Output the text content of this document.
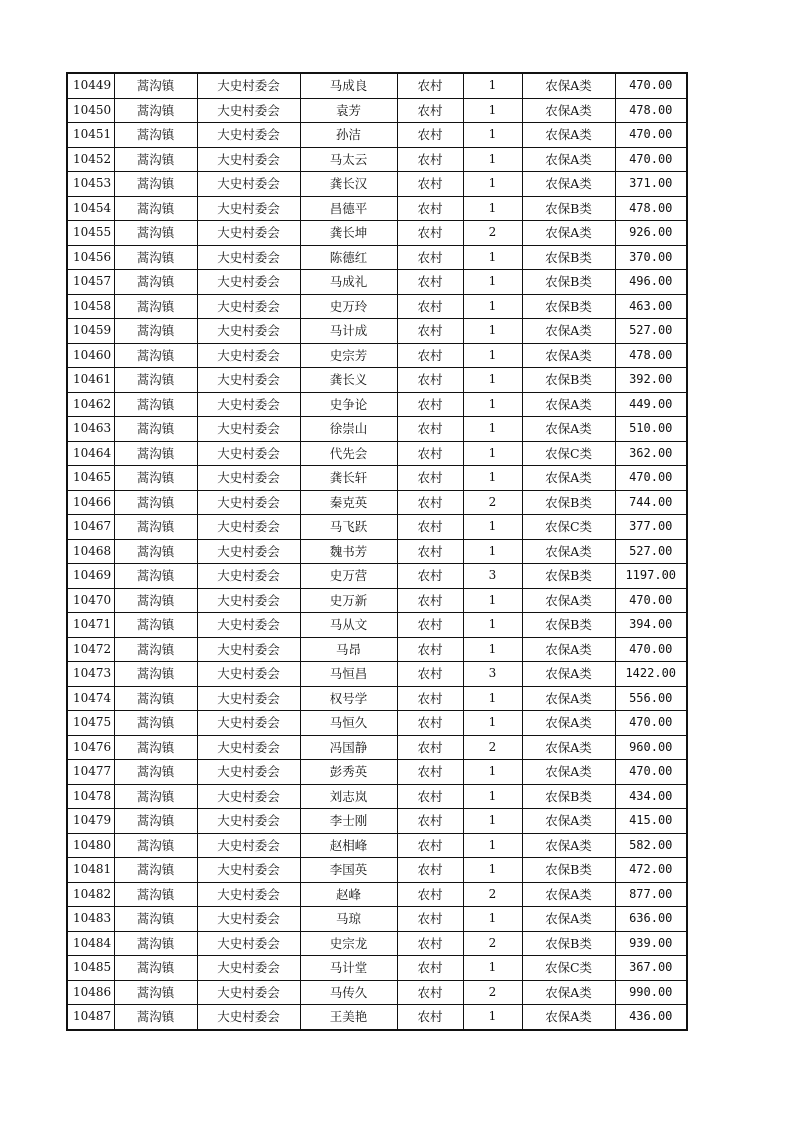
10449	蒿沟镇	大史村委会	马成良	农村	1	农保A类	470.00
10450	蒿沟镇	大史村委会	袁芳	农村	1	农保A类	478.00
10451	蒿沟镇	大史村委会	孙洁	农村	1	农保A类	470.00
10452	蒿沟镇	大史村委会	马太云	农村	1	农保A类	470.00
10453	蒿沟镇	大史村委会	龚长汉	农村	1	农保A类	371.00
10454	蒿沟镇	大史村委会	昌德平	农村	1	农保B类	478.00
10455	蒿沟镇	大史村委会	龚长坤	农村	2	农保A类	926.00
10456	蒿沟镇	大史村委会	陈德红	农村	1	农保B类	370.00
10457	蒿沟镇	大史村委会	马成礼	农村	1	农保B类	496.00
10458	蒿沟镇	大史村委会	史万玲	农村	1	农保B类	463.00
10459	蒿沟镇	大史村委会	马计成	农村	1	农保A类	527.00
10460	蒿沟镇	大史村委会	史宗芳	农村	1	农保A类	478.00
10461	蒿沟镇	大史村委会	龚长义	农村	1	农保B类	392.00
10462	蒿沟镇	大史村委会	史争论	农村	1	农保A类	449.00
10463	蒿沟镇	大史村委会	徐崇山	农村	1	农保A类	510.00
10464	蒿沟镇	大史村委会	代先会	农村	1	农保C类	362.00
10465	蒿沟镇	大史村委会	龚长轩	农村	1	农保A类	470.00
10466	蒿沟镇	大史村委会	秦克英	农村	2	农保B类	744.00
10467	蒿沟镇	大史村委会	马飞跃	农村	1	农保C类	377.00
10468	蒿沟镇	大史村委会	魏书芳	农村	1	农保A类	527.00
10469	蒿沟镇	大史村委会	史万营	农村	3	农保B类	1197.00
10470	蒿沟镇	大史村委会	史万新	农村	1	农保A类	470.00
10471	蒿沟镇	大史村委会	马从文	农村	1	农保B类	394.00
10472	蒿沟镇	大史村委会	马昂	农村	1	农保A类	470.00
10473	蒿沟镇	大史村委会	马恒昌	农村	3	农保A类	1422.00
10474	蒿沟镇	大史村委会	权号学	农村	1	农保A类	556.00
10475	蒿沟镇	大史村委会	马恒久	农村	1	农保A类	470.00
10476	蒿沟镇	大史村委会	冯国静	农村	2	农保A类	960.00
10477	蒿沟镇	大史村委会	彭秀英	农村	1	农保A类	470.00
10478	蒿沟镇	大史村委会	刘志岚	农村	1	农保B类	434.00
10479	蒿沟镇	大史村委会	李士刚	农村	1	农保A类	415.00
10480	蒿沟镇	大史村委会	赵相峰	农村	1	农保A类	582.00
10481	蒿沟镇	大史村委会	李国英	农村	1	农保B类	472.00
10482	蒿沟镇	大史村委会	赵峰	农村	2	农保A类	877.00
10483	蒿沟镇	大史村委会	马琼	农村	1	农保A类	636.00
10484	蒿沟镇	大史村委会	史宗龙	农村	2	农保B类	939.00
10485	蒿沟镇	大史村委会	马计堂	农村	1	农保C类	367.00
10486	蒿沟镇	大史村委会	马传久	农村	2	农保A类	990.00
10487	蒿沟镇	大史村委会	王美艳	农村	1	农保A类	436.00
